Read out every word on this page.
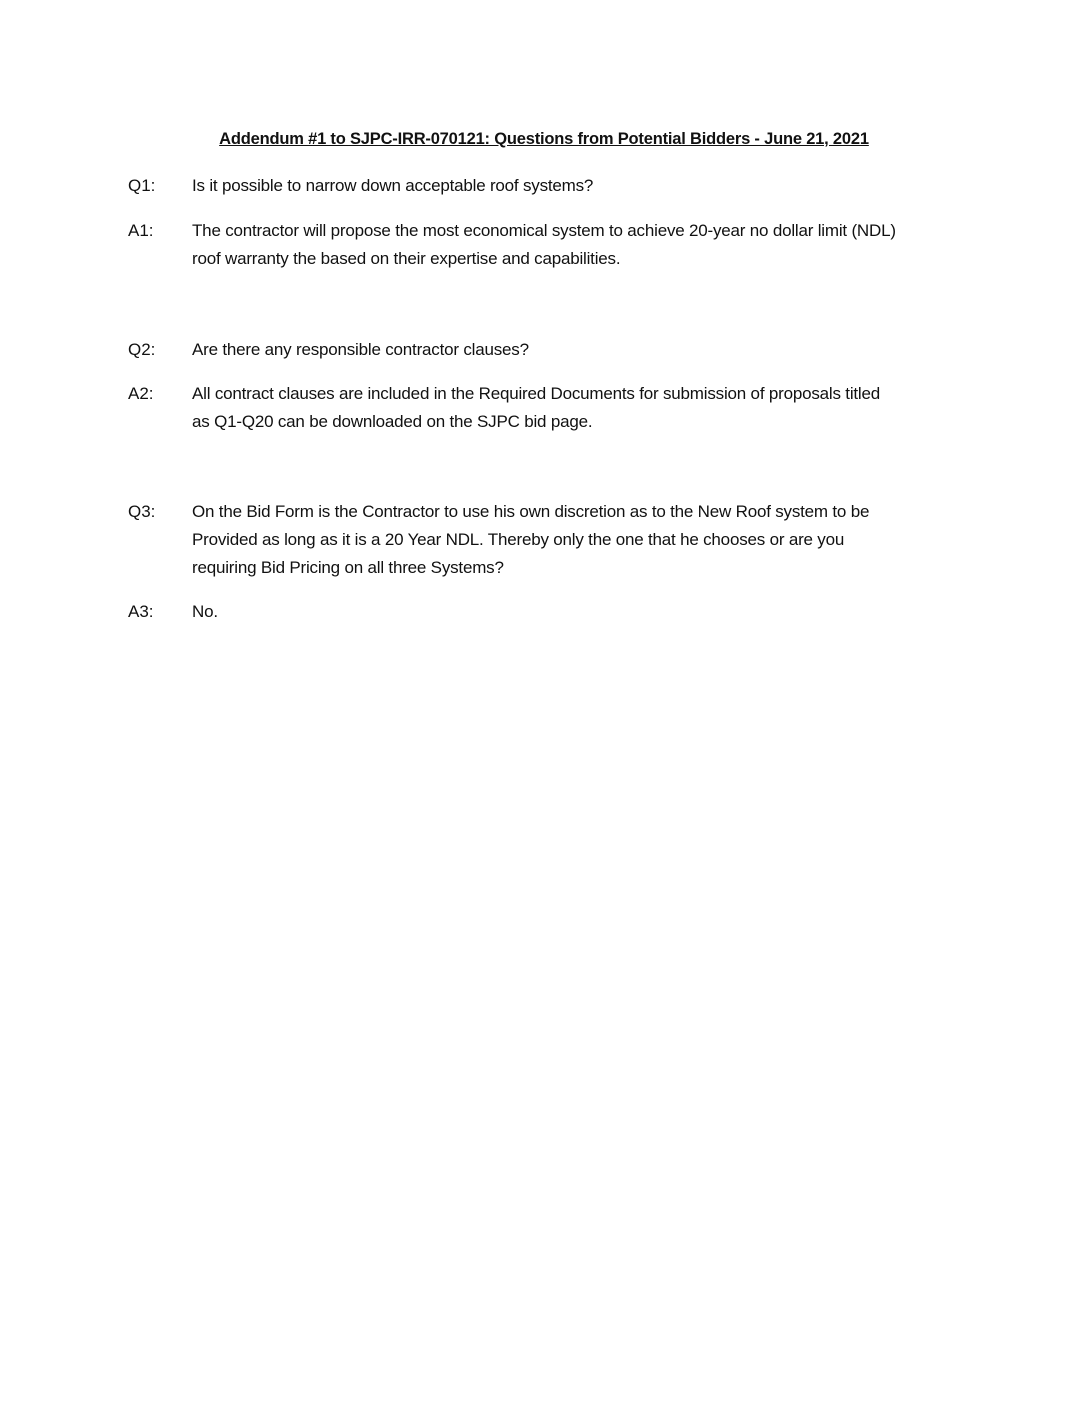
Addendum #1 to SJPC-IRR-070121: Questions from Potential Bidders - June 21, 2021
Q1:	Is it possible to narrow down acceptable roof systems?
A1:	The contractor will propose the most economical system to achieve 20-year no dollar limit (NDL)
roof warranty the based on their expertise and capabilities.
Q2:	Are there any responsible contractor clauses?
A2:	All contract clauses are included in the Required Documents for submission of proposals titled
as Q1-Q20 can be downloaded on the SJPC bid page.
Q3:	On the Bid Form is the Contractor to use his own discretion as to the New Roof system to be
Provided as long as it is a 20 Year NDL. Thereby only the one that he chooses or are you
requiring Bid Pricing on all three Systems?
A3:	No.
